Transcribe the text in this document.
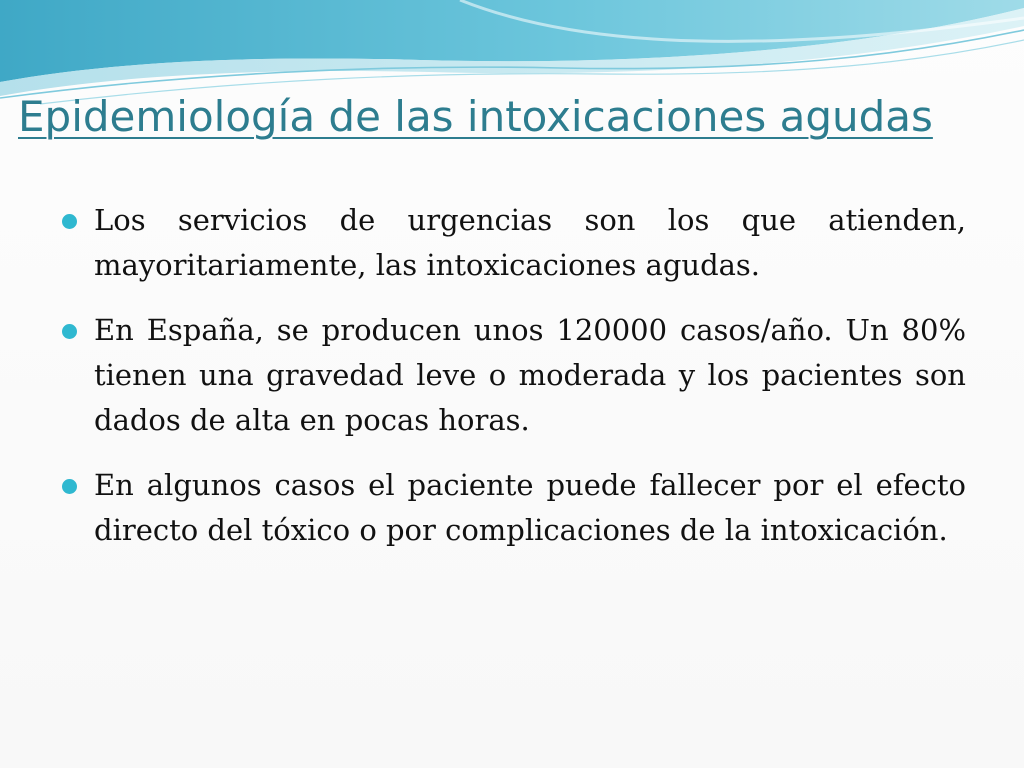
Epidemiología de las intoxicaciones agudas
Los servicios de urgencias son los que atienden, mayoritariamente, las intoxicaciones agudas.
En España, se producen unos 120000 casos/año. Un 80% tienen una gravedad leve o moderada y los pacientes son dados de alta en pocas horas.
En algunos casos el paciente puede fallecer por el efecto directo del tóxico o por complicaciones de la intoxicación.
